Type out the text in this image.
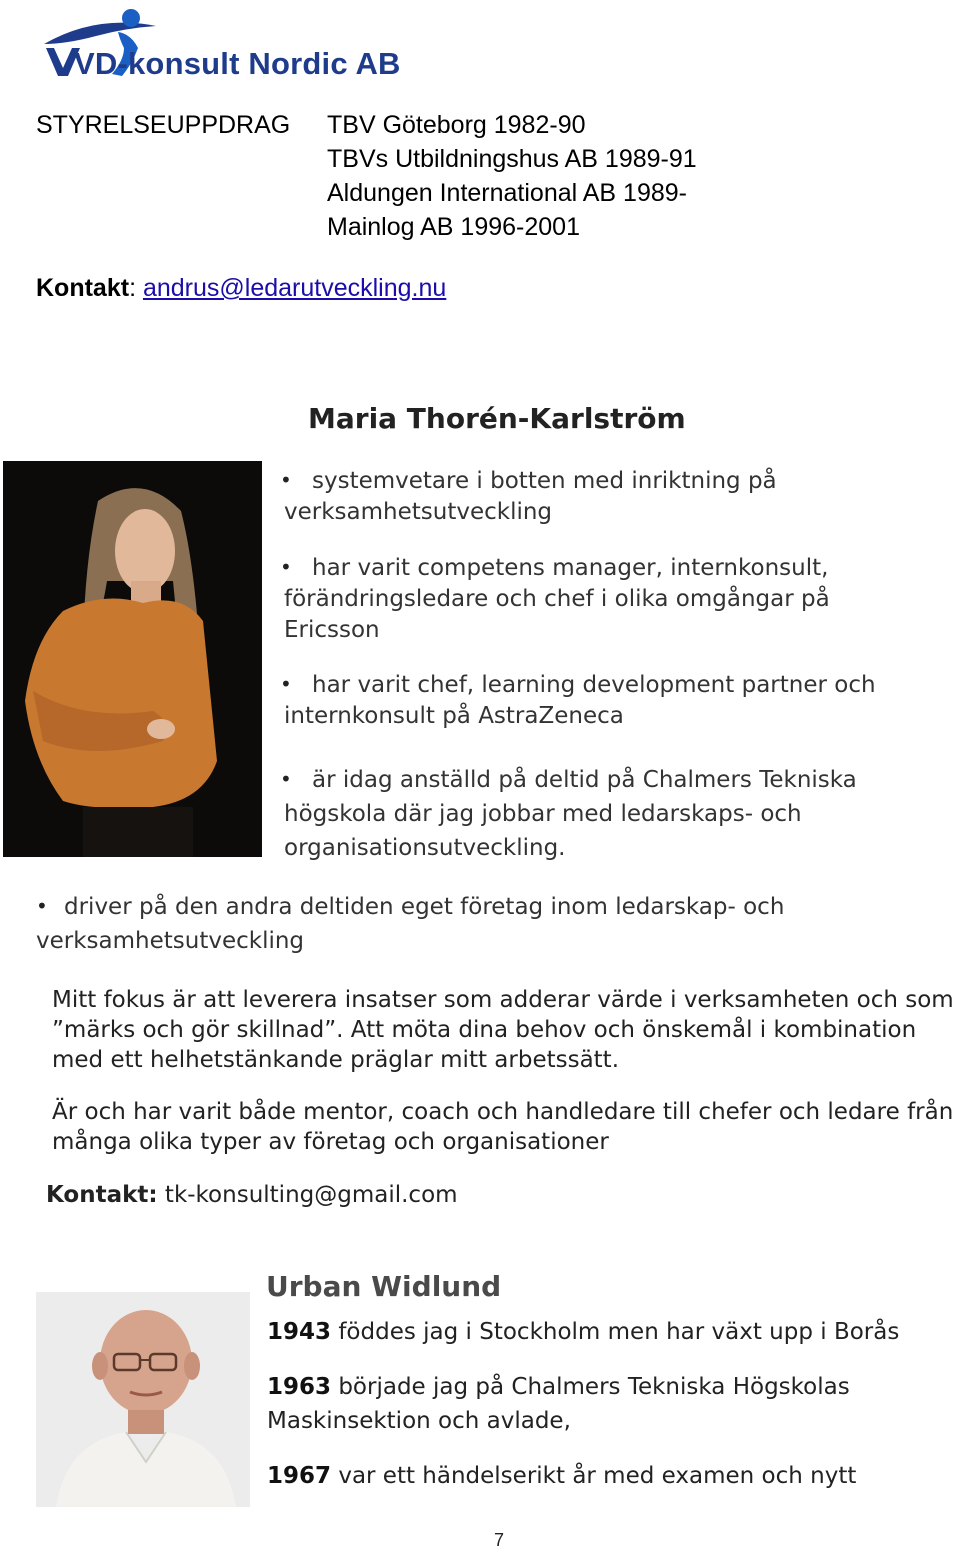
VD-konsult Nordic AB
STYRELSEUPPDRAG TBV Göteborg 1982-90
TBVs Utbildningshus AB 1989-91
Aldungen International AB 1989-
Mainlog AB 1996-2001
Kontakt: andrus@ledarutveckling.nu
Maria Thorén-Karlström
• systemvetare i botten med inriktning på verksamhetsutveckling
• har varit competens manager, internkonsult, förändringsledare och chef i olika omgångar på Ericsson
• har varit chef, learning development partner och internkonsult på AstraZeneca
• är idag anställd på deltid på Chalmers Tekniska högskola där jag jobbar med ledarskaps- och organisationsutveckling.
• driver på den andra deltiden eget företag inom ledarskap- och verksamhetsutveckling
Mitt fokus är att leverera insatser som adderar värde i verksamheten och som ”märks och gör skillnad”. Att möta dina behov och önskemål i kombination med ett helhetstänkande präglar mitt arbetssätt.
Är och har varit både mentor, coach och handledare till chefer och ledare från många olika typer av företag och organisationer
Kontakt: tk-konsulting@gmail.com
Urban Widlund
1943 föddes jag i Stockholm men har växt upp i Borås
1963 började jag på Chalmers Tekniska Högskolas Maskinsektion och avlade,
1967 var ett händelserikt år med examen och nytt
7
